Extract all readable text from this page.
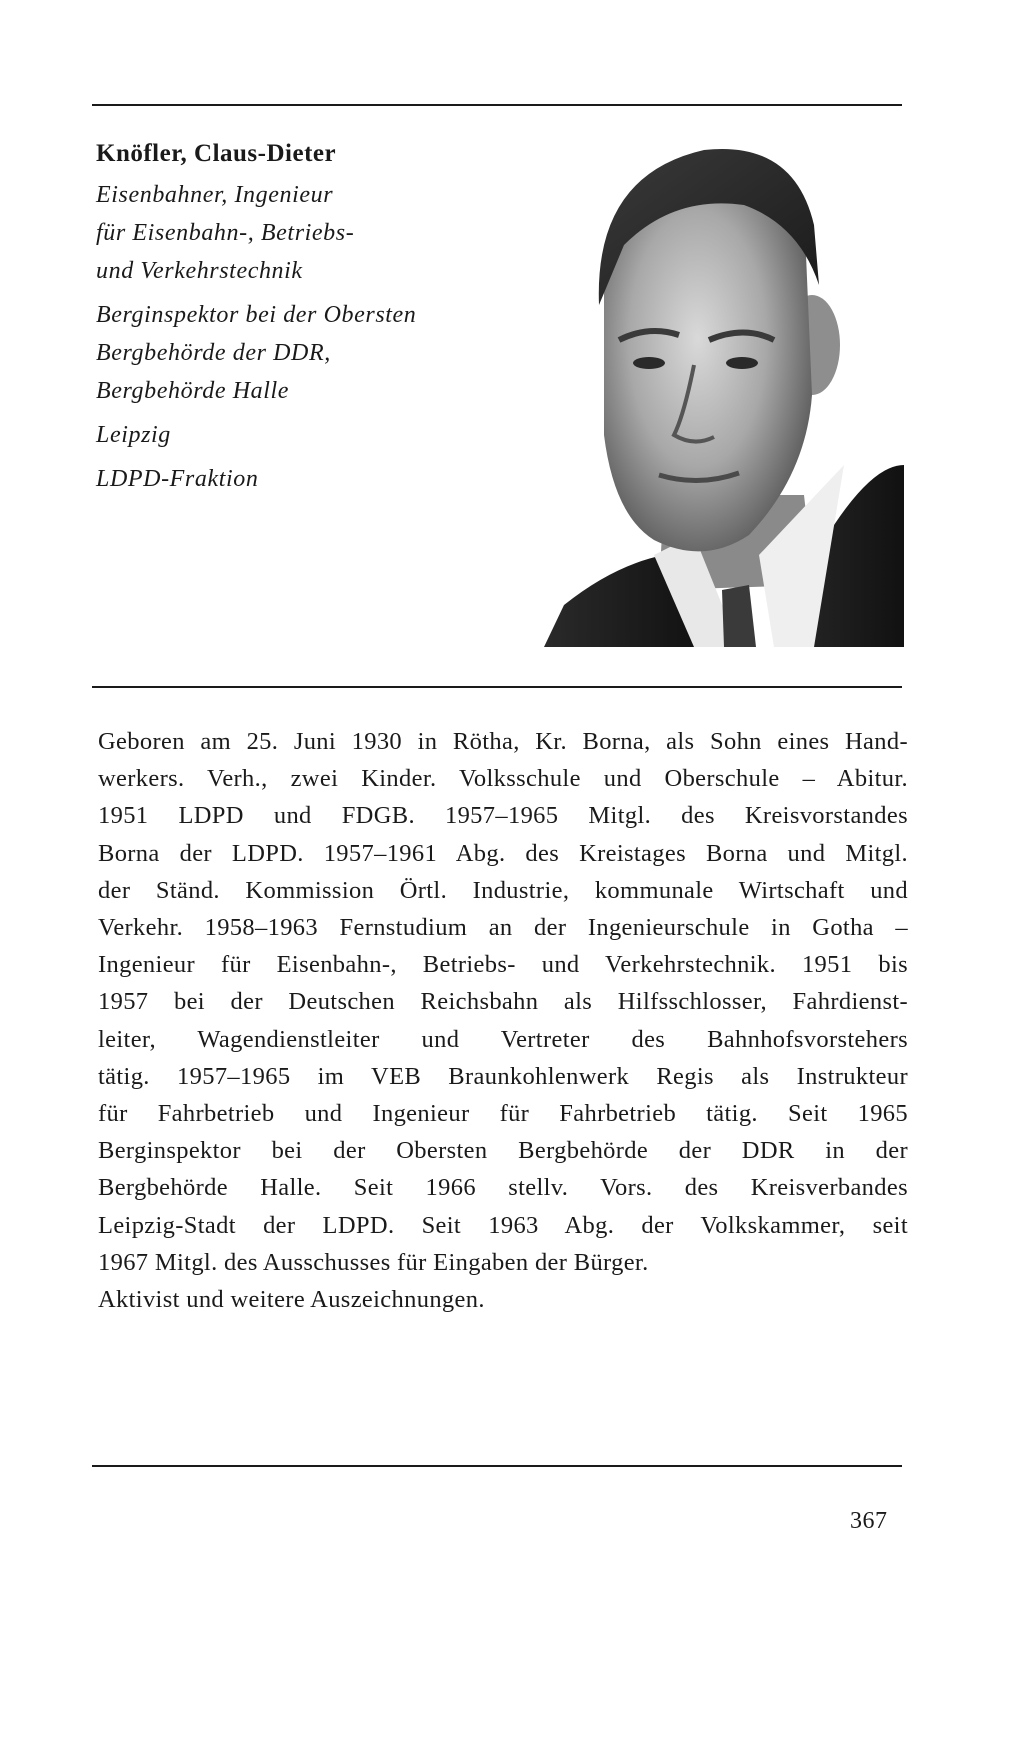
Knöfler, Claus-Dieter
Eisenbahner, Ingenieur
für Eisenbahn-, Betriebs-
und Verkehrstechnik
Berginspektor bei der Obersten
Bergbehörde der DDR,
Bergbehörde Halle
Leipzig
LDPD-Fraktion
Geboren am 25. Juni 1930 in Rötha, Kr. Borna, als Sohn eines Hand-
werkers. Verh., zwei Kinder. Volksschule und Oberschule – Abitur.
1951 LDPD und FDGB. 1957–1965 Mitgl. des Kreisvorstandes
Borna der LDPD. 1957–1961 Abg. des Kreistages Borna und Mitgl.
der Ständ. Kommission Örtl. Industrie, kommunale Wirtschaft und
Verkehr. 1958–1963 Fernstudium an der Ingenieurschule in Gotha –
Ingenieur für Eisenbahn-, Betriebs- und Verkehrstechnik. 1951 bis
1957 bei der Deutschen Reichsbahn als Hilfsschlosser, Fahrdienst-
leiter, Wagendienstleiter und Vertreter des Bahnhofsvorstehers
tätig. 1957–1965 im VEB Braunkohlenwerk Regis als Instrukteur
für Fahrbetrieb und Ingenieur für Fahrbetrieb tätig. Seit 1965
Berginspektor bei der Obersten Bergbehörde der DDR in der
Bergbehörde Halle. Seit 1966 stellv. Vors. des Kreisverbandes
Leipzig-Stadt der LDPD. Seit 1963 Abg. der Volkskammer, seit
1967 Mitgl. des Ausschusses für Eingaben der Bürger.
Aktivist und weitere Auszeichnungen.
367
